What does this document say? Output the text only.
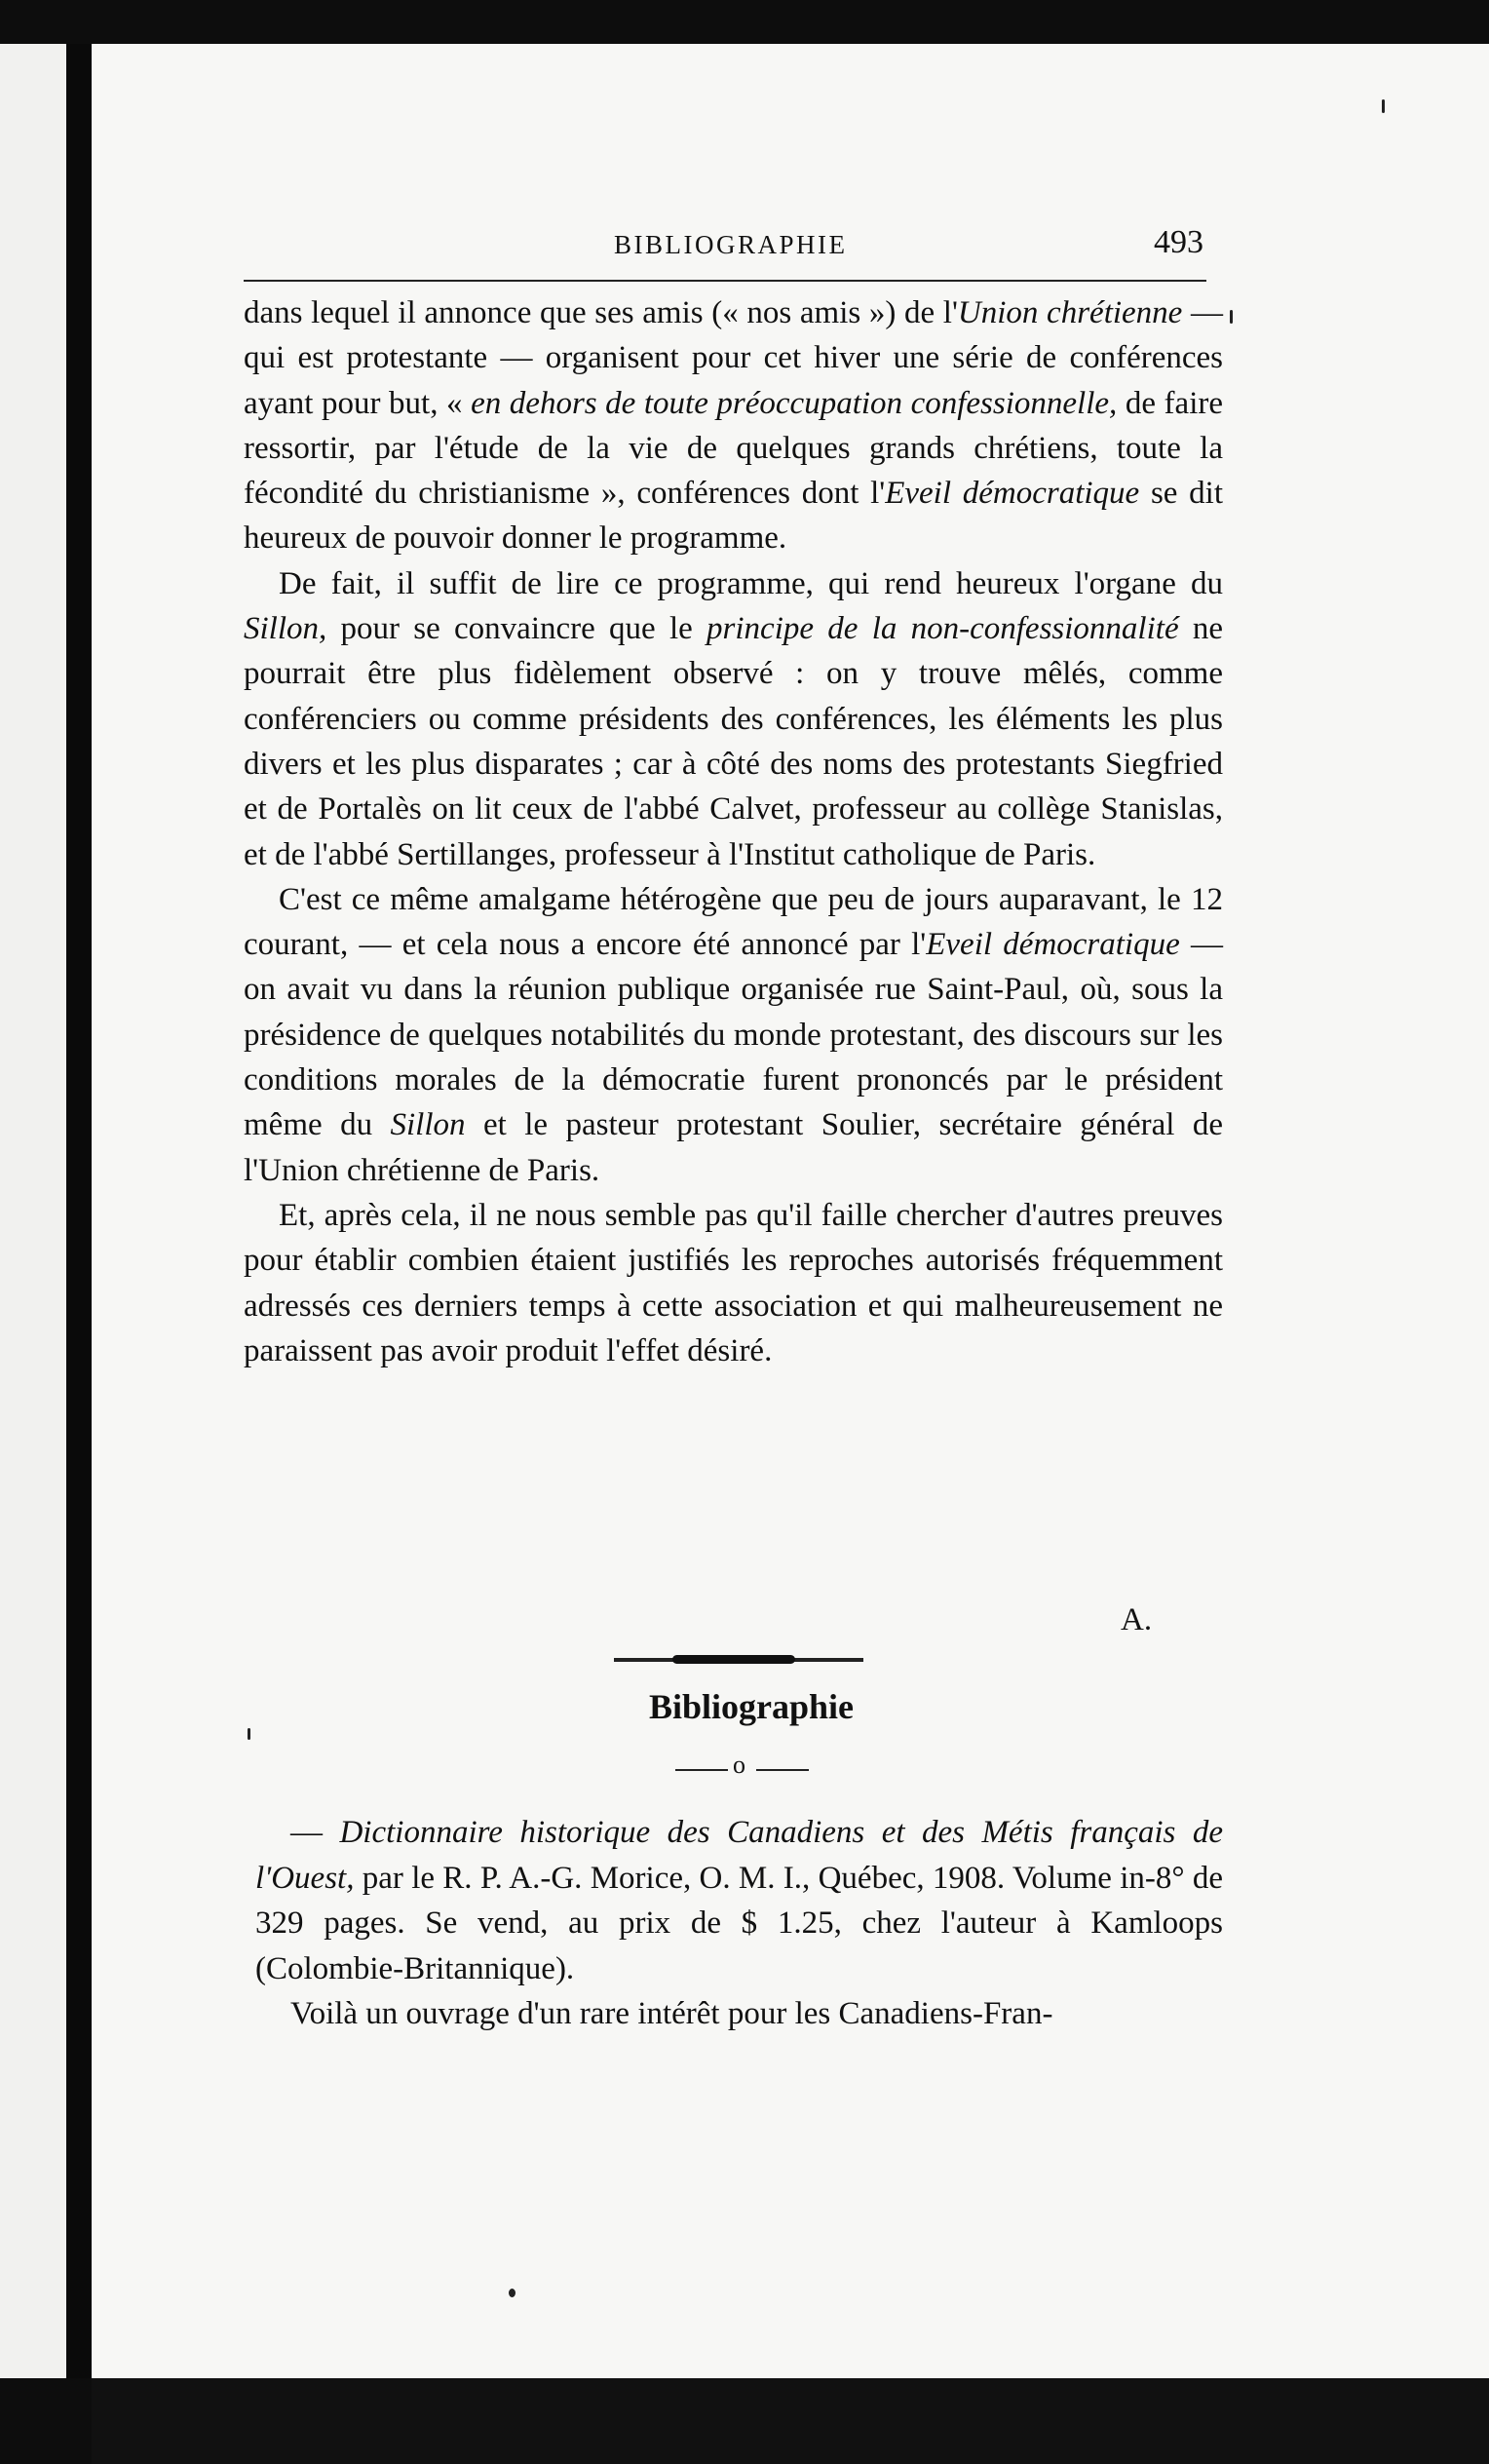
BIBLIOGRAPHIE	493

dans lequel il annonce que ses amis (« nos amis ») de l'Union chrétienne — qui est protestante — organisent pour cet hiver une série de conférences ayant pour but, « en dehors de toute préoccupation confessionnelle, de faire ressortir, par l'étude de la vie de quelques grands chrétiens, toute la fécondité du christianisme », conférences dont l'Eveil démocratique se dit heureux de pouvoir donner le programme.

De fait, il suffit de lire ce programme, qui rend heureux l'organe du Sillon, pour se convaincre que le principe de la non-confessionnalité ne pourrait être plus fidèlement observé : on y trouve mêlés, comme conférenciers ou comme présidents des conférences, les éléments les plus divers et les plus disparates ; car à côté des noms des protestants Siegfried et de Portalès on lit ceux de l'abbé Calvet, professeur au collège Stanislas, et de l'abbé Sertillanges, professeur à l'Institut catholique de Paris.

C'est ce même amalgame hétérogène que peu de jours auparavant, le 12 courant, — et cela nous a encore été annoncé par l'Eveil démocratique — on avait vu dans la réunion publique organisée rue Saint-Paul, où, sous la présidence de quelques notabilités du monde protestant, des discours sur les conditions morales de la démocratie furent prononcés par le président même du Sillon et le pasteur protestant Soulier, secrétaire général de l'Union chrétienne de Paris.

Et, après cela, il ne nous semble pas qu'il faille chercher d'autres preuves pour établir combien étaient justifiés les reproches autorisés fréquemment adressés ces derniers temps à cette association et qui malheureusement ne paraissent pas avoir produit l'effet désiré.

A.
Bibliographie
o

— Dictionnaire historique des Canadiens et des Métis français de l'Ouest, par le R. P. A.-G. Morice, O. M. I., Québec, 1908. Volume in-8° de 329 pages. Se vend, au prix de $ 1.25, chez l'auteur à Kamloops (Colombie-Britannique).

Voilà un ouvrage d'un rare intérêt pour les Canadiens-Fran-
